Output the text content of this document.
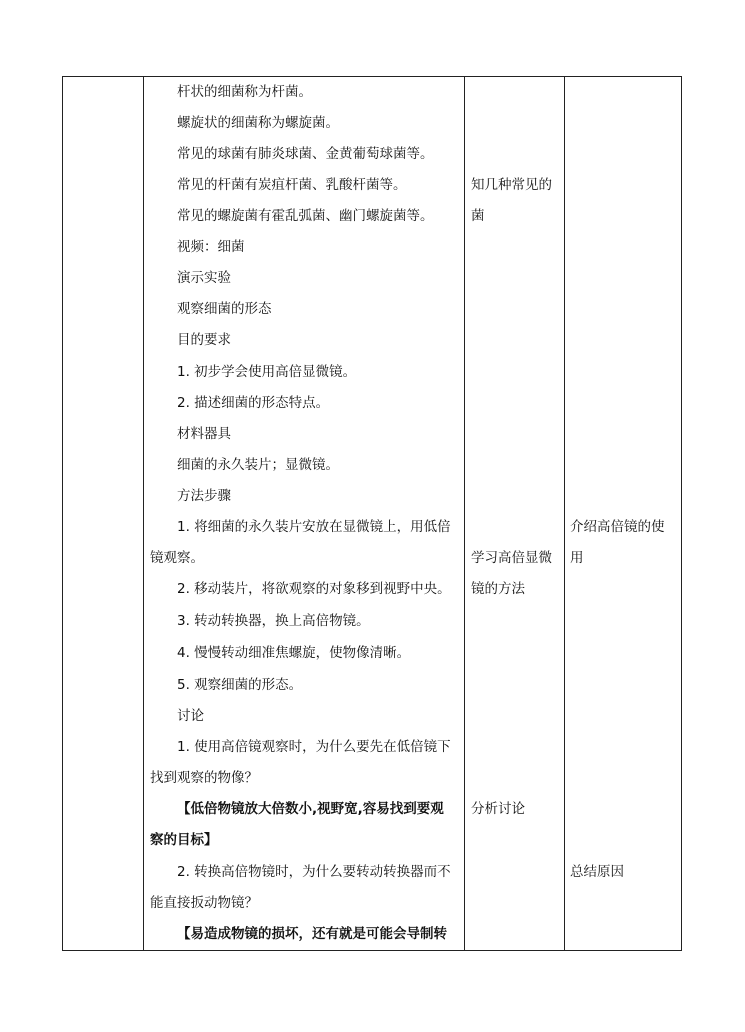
杆状的细菌称为杆菌。
螺旋状的细菌称为螺旋菌。
常见的球菌有肺炎球菌、金黄葡萄球菌等。
常见的杆菌有炭疽杆菌、乳酸杆菌等。
常见的螺旋菌有霍乱弧菌、幽门螺旋菌等。
视频：细菌
演示实验
观察细菌的形态
目的要求
1. 初步学会使用高倍显微镜。
2. 描述细菌的形态特点。
材料器具
细菌的永久装片；显微镜。
方法步骤
1. 将细菌的永久装片安放在显微镜上，用低倍
镜观察。
2. 移动装片，将欲观察的对象移到视野中央。
3. 转动转换器，换上高倍物镜。
4. 慢慢转动细准焦螺旋，使物像清晰。
5. 观察细菌的形态。
讨论
1. 使用高倍镜观察时，为什么要先在低倍镜下
找到观察的物像？
【低倍物镜放大倍数小,视野宽,容易找到要观
察的目标】
2. 转换高倍物镜时，为什么要转动转换器而不
能直接扳动物镜？
【易造成物镜的损坏，还有就是可能会导制转
知几种常见的
菌
学习高倍显微
镜的方法
分析讨论
介绍高倍镜的使
用
总结原因
